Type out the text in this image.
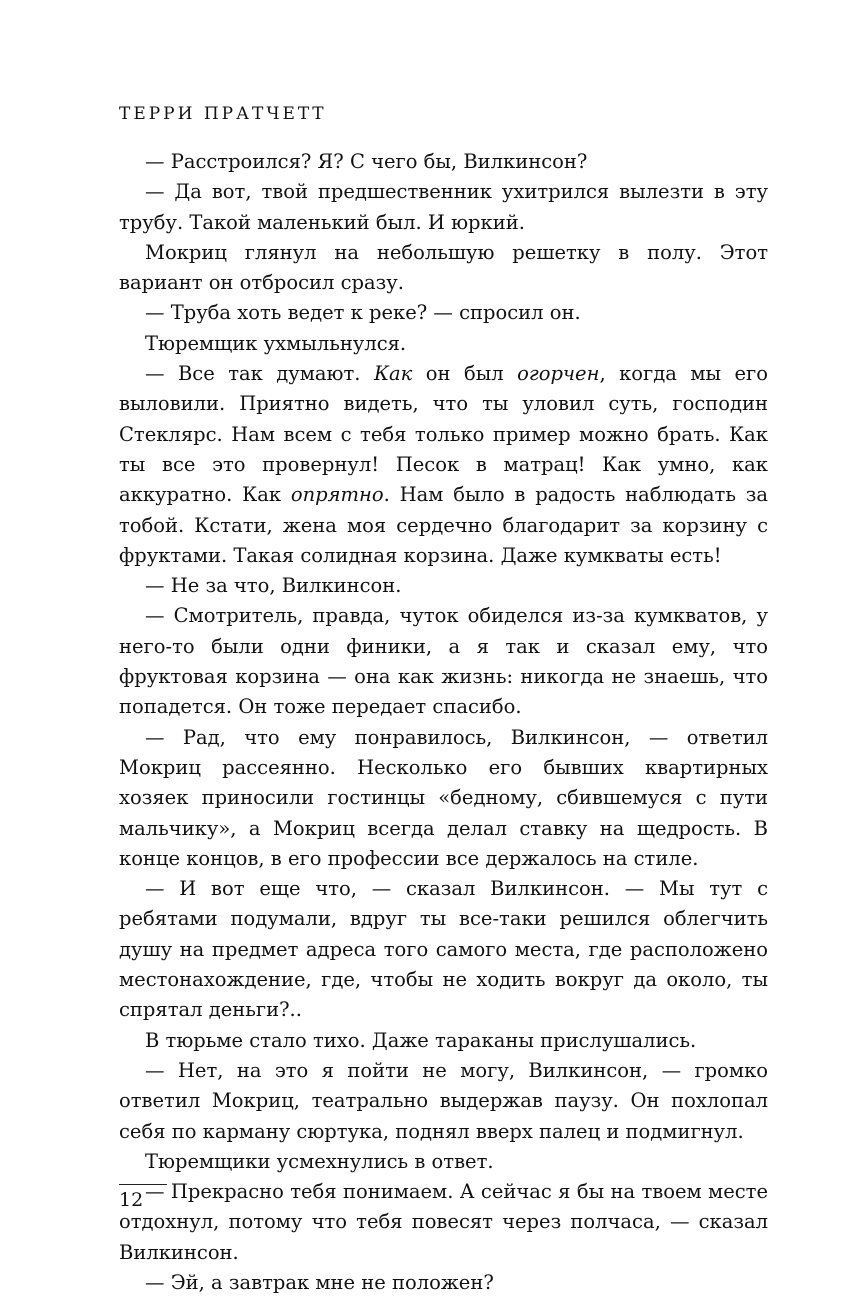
ТЕРРИ ПРАТЧЕТТ

— Расстроился? Я? С чего бы, Вилкинсон?

— Да вот, твой предшественник ухитрился вылезти в эту трубу. Такой маленький был. И юркий.

Мокриц глянул на небольшую решетку в полу. Этот вариант он отбросил сразу.

— Труба хоть ведет к реке? — спросил он.

Тюремщик ухмыльнулся.

— Все так думают. Как он был огорчен, когда мы его выловили. Приятно видеть, что ты уловил суть, господин Стеклярс. Нам всем с тебя только пример можно брать. Как ты все это провернул! Песок в матрац! Как умно, как аккуратно. Как опрятно. Нам было в радость наблюдать за тобой. Кстати, жена моя сердечно благодарит за корзину с фруктами. Такая солидная корзина. Даже кумкваты есть!

— Не за что, Вилкинсон.

— Смотритель, правда, чуток обиделся из-за кумкватов, у него-то были одни финики, а я так и сказал ему, что фруктовая корзина — она как жизнь: никогда не знаешь, что попадется. Он тоже передает спасибо.

— Рад, что ему понравилось, Вилкинсон, — ответил Мокриц рассеянно. Несколько его бывших квартирных хозяек приносили гостинцы «бедному, сбившемуся с пути мальчику», а Мокриц всегда делал ставку на щедрость. В конце концов, в его профессии все держалось на стиле.

— И вот еще что, — сказал Вилкинсон. — Мы тут с ребятами подумали, вдруг ты все-таки решился облегчить душу на предмет адреса того самого места, где расположено местонахождение, где, чтобы не ходить вокруг да около, ты спрятал деньги?..

В тюрьме стало тихо. Даже тараканы прислушались.

— Нет, на это я пойти не могу, Вилкинсон, — громко ответил Мокриц, театрально выдержав паузу. Он похлопал себя по карману сюртука, поднял вверх палец и подмигнул.

Тюремщики усмехнулись в ответ.

— Прекрасно тебя понимаем. А сейчас я бы на твоем месте отдохнул, потому что тебя повесят через полчаса, — сказал Вилкинсон.

— Эй, а завтрак мне не положен?

12
